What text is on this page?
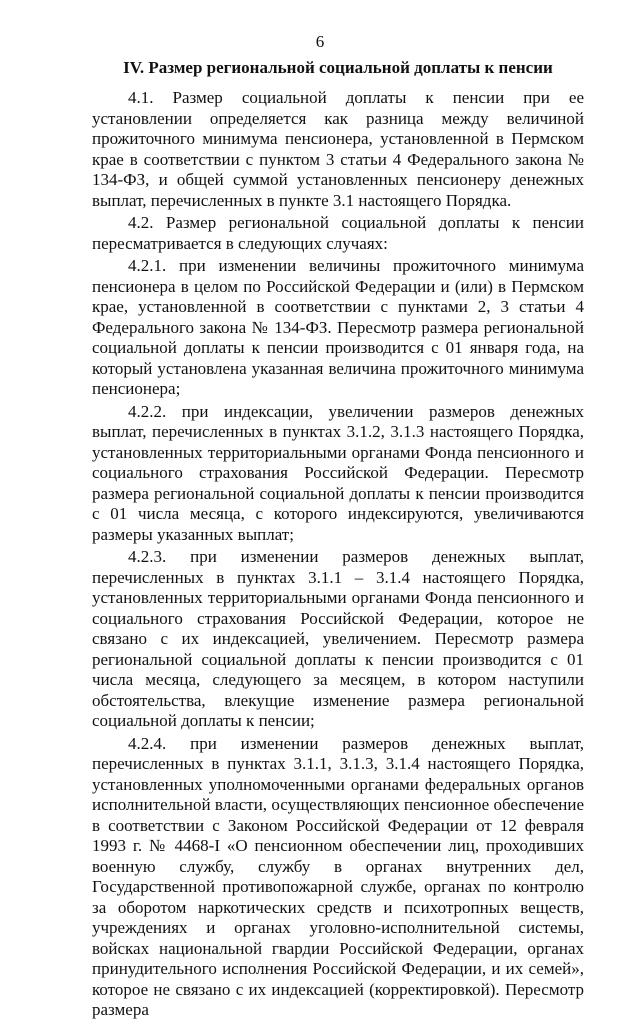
6
IV. Размер региональной социальной доплаты к пенсии

4.1. Размер социальной доплаты к пенсии при ее установлении определяется как разница между величиной прожиточного минимума пенсионера, установленной в Пермском крае в соответствии с пунктом 3 статьи 4 Федерального закона № 134-ФЗ, и общей суммой установленных пенсионеру денежных выплат, перечисленных в пункте 3.1 настоящего Порядка.

4.2. Размер региональной социальной доплаты к пенсии пересматривается в следующих случаях:

4.2.1. при изменении величины прожиточного минимума пенсионера в целом по Российской Федерации и (или) в Пермском крае, установленной в соответствии с пунктами 2, 3 статьи 4 Федерального закона № 134-ФЗ. Пересмотр размера региональной социальной доплаты к пенсии производится с 01 января года, на который установлена указанная величина прожиточного минимума пенсионера;

4.2.2. при индексации, увеличении размеров денежных выплат, перечисленных в пунктах 3.1.2, 3.1.3 настоящего Порядка, установленных территориальными органами Фонда пенсионного и социального страхования Российской Федерации. Пересмотр размера региональной социальной доплаты к пенсии производится с 01 числа месяца, с которого индексируются, увеличиваются размеры указанных выплат;

4.2.3. при изменении размеров денежных выплат, перечисленных в пунктах 3.1.1 – 3.1.4 настоящего Порядка, установленных территориальными органами Фонда пенсионного и социального страхования Российской Федерации, которое не связано с их индексацией, увеличением. Пересмотр размера региональной социальной доплаты к пенсии производится с 01 числа месяца, следующего за месяцем, в котором наступили обстоятельства, влекущие изменение размера региональной социальной доплаты к пенсии;

4.2.4. при изменении размеров денежных выплат, перечисленных в пунктах 3.1.1, 3.1.3, 3.1.4 настоящего Порядка, установленных уполномоченными органами федеральных органов исполнительной власти, осуществляющих пенсионное обеспечение в соответствии с Законом Российской Федерации от 12 февраля 1993 г. № 4468-I «О пенсионном обеспечении лиц, проходивших военную службу, службу в органах внутренних дел, Государственной противопожарной службе, органах по контролю за оборотом наркотических средств и психотропных веществ, учреждениях и органах уголовно-исполнительной системы, войсках национальной гвардии Российской Федерации, органах принудительного исполнения Российской Федерации, и их семей», которое не связано с их индексацией (корректировкой). Пересмотр размера
